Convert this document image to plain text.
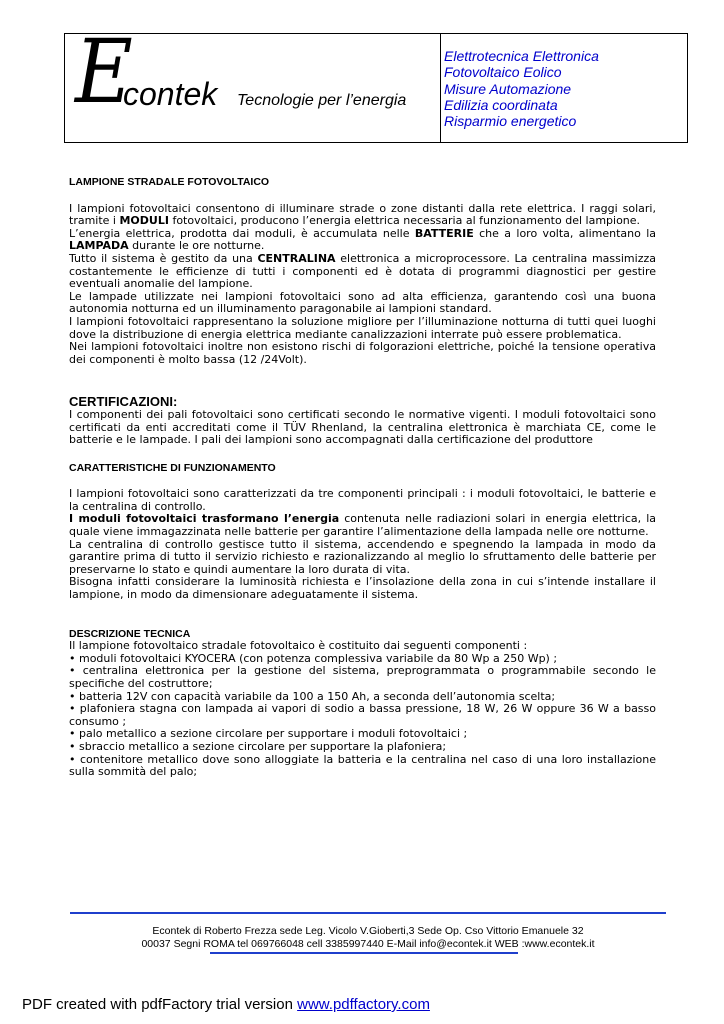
E
contek Tecnologie per l’energia
Elettrotecnica Elettronica
Fotovoltaico Eolico
Misure Automazione
Edilizia coordinata
Risparmio energetico

LAMPIONE STRADALE FOTOVOLTAICO

I lampioni fotovoltaici consentono di illuminare strade o zone distanti dalla rete elettrica. I raggi solari, tramite i MODULI fotovoltaici, producono l’energia elettrica necessaria al funzionamento del lampione.

L’energia elettrica, prodotta dai moduli, è accumulata nelle BATTERIE che a loro volta, alimentano la LAMPADA durante le ore notturne.

Tutto il sistema è gestito da una CENTRALINA elettronica a microprocessore. La centralina massimizza costantemente le efficienze di tutti i componenti ed è dotata di programmi diagnostici per gestire eventuali anomalie del lampione.

Le lampade utilizzate nei lampioni fotovoltaici sono ad alta efficienza, garantendo così una buona autonomia notturna ed un illuminamento paragonabile ai lampioni standard.

I lampioni fotovoltaici rappresentano la soluzione migliore per l’illuminazione notturna di tutti quei luoghi dove la distribuzione di energia elettrica mediante canalizzazioni interrate può essere problematica.

Nei lampioni fotovoltaici inoltre non esistono rischi di folgorazioni elettriche, poiché la tensione operativa dei componenti è molto bassa (12 /24Volt).

CERTIFICAZIONI:

I componenti dei pali fotovoltaici sono certificati secondo le normative vigenti. I moduli fotovoltaici sono certificati da enti accreditati come il TÜV Rhenland, la centralina elettronica è marchiata CE, come le batterie e le lampade. I pali dei lampioni sono accompagnati dalla certificazione del produttore

CARATTERISTICHE DI FUNZIONAMENTO

I lampioni fotovoltaici sono caratterizzati da tre componenti principali : i moduli fotovoltaici, le batterie e la centralina di controllo.

I moduli fotovoltaici trasformano l’energia contenuta nelle radiazioni solari in energia elettrica, la quale viene immagazzinata nelle batterie per garantire l’alimentazione della lampada nelle ore notturne.

La centralina di controllo gestisce tutto il sistema, accendendo e spegnendo la lampada in modo da garantire prima di tutto il servizio richiesto e razionalizzando al meglio lo sfruttamento delle batterie per preservarne lo stato e quindi aumentare la loro durata di vita.

Bisogna infatti considerare la luminosità richiesta e l’insolazione della zona in cui s’intende installare il lampione, in modo da dimensionare adeguatamente il sistema.

DESCRIZIONE TECNICA

Il lampione fotovoltaico stradale fotovoltaico è costituito dai seguenti componenti :

• moduli fotovoltaici KYOCERA (con potenza complessiva variabile da 80 Wp a 250 Wp) ;

• centralina elettronica per la gestione del sistema, preprogrammata o programmabile secondo le specifiche del costruttore;

• batteria 12V con capacità variabile da 100 a 150 Ah, a seconda dell’autonomia scelta;

• plafoniera stagna con lampada ai vapori di sodio a bassa pressione, 18 W, 26 W oppure 36 W a basso consumo ;

• palo metallico a sezione circolare per supportare i moduli fotovoltaici ;

• sbraccio metallico a sezione circolare per supportare la plafoniera;

• contenitore metallico dove sono alloggiate la batteria e la centralina nel caso di una loro installazione sulla sommità del palo;

Econtek di Roberto Frezza sede Leg. Vicolo V.Gioberti,3 Sede Op. Cso Vittorio Emanuele 32
00037 Segni ROMA tel 069766048 cell 3385997440 E-Mail info@econtek.it WEB :www.econtek.it
PDF created with pdfFactory trial version www.pdffactory.com
